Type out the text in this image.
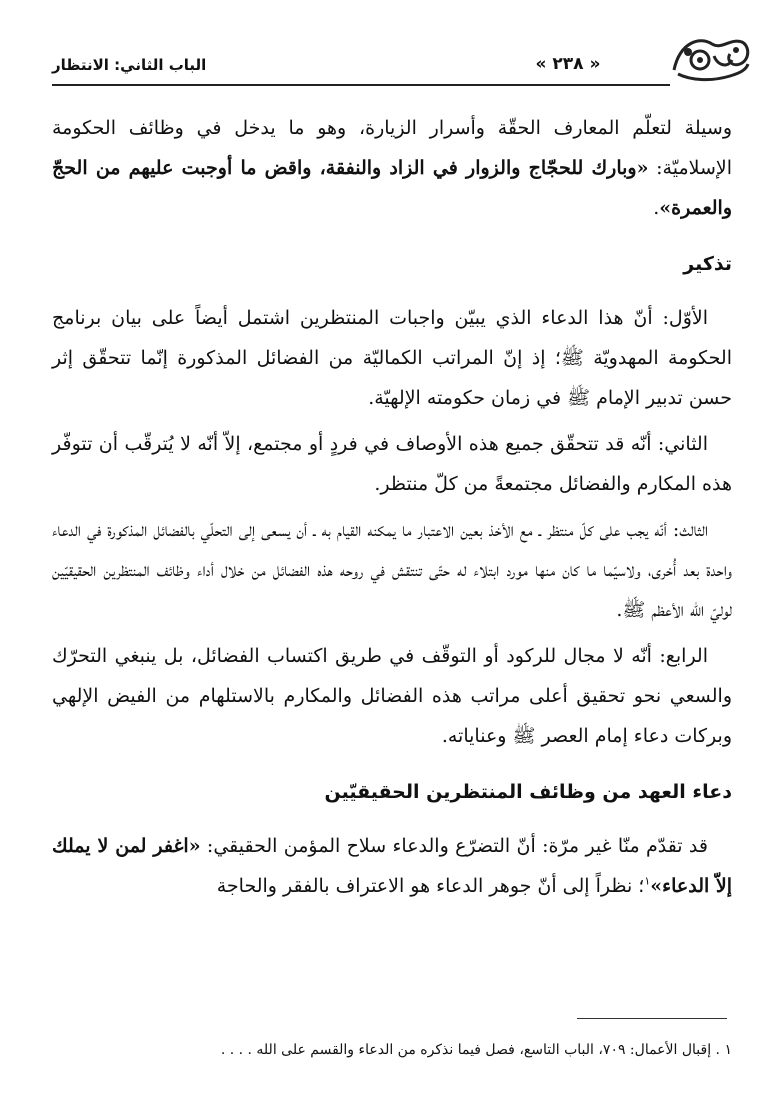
« ٢٣٨ »
الباب الثاني: الانتظار

وسيلة لتعلّم المعارف الحقّة وأسرار الزيارة، وهو ما يدخل في وظائف الحكومة الإسلاميّة: «وبارك للحجّاج والزوار في الزاد والنفقة، واقض ما أوجبت عليهم من الحجّ والعمرة».

تذكير

الأوّل: أنّ هذا الدعاء الذي يبيّن واجبات المنتظرين اشتمل أيضاً على بيان برنامج الحكومة المهدويّة ﷺ؛ إذ إنّ المراتب الكماليّة من الفضائل المذكورة إنّما تتحقّق إثر حسن تدبير الإمام ﷺ في زمان حكومته الإلهيّة.

الثاني: أنّه قد تتحقّق جميع هذه الأوصاف في فردٍ أو مجتمع، إلاّ أنّه لا يُترقّب أن تتوفّر هذه المكارم والفضائل مجتمعةً من كلّ منتظر.

الثالث: أنّه يجب على كلّ منتظر ـ مع الأخذ بعين الاعتبار ما يمكنه القيام به ـ أن يسعى إلى التحلّي بالفضائل المذكورة في الدعاء واحدة بعد أُخرى، ولاسيّما ما كان منها مورد ابتلاء له حتّى تنتقش في روحه هذه الفضائل من خلال أداء وظائف المنتظرين الحقيقيّين لوليّ الله الأعظم ﷺ.

الرابع: أنّه لا مجال للركود أو التوقّف في طريق اكتساب الفضائل، بل ينبغي التحرّك والسعي نحو تحقيق أعلى مراتب هذه الفضائل والمكارم بالاستلهام من الفيض الإلهي وبركات دعاء إمام العصر ﷺ وعناياته.

دعاء العهد من وظائف المنتظرين الحقيقيّين

قد تقدّم منّا غير مرّة: أنّ التضرّع والدعاء سلاح المؤمن الحقيقي: «اغفر لمن لا يملك إلاّ الدعاء»$^١$؛ نظراً إلى أنّ جوهر الدعاء هو الاعتراف بالفقر والحاجة

١ . إقبال الأعمال: ٧٠٩، الباب التاسع، فصل فيما نذكره من الدعاء والقسم على الله . . . .
